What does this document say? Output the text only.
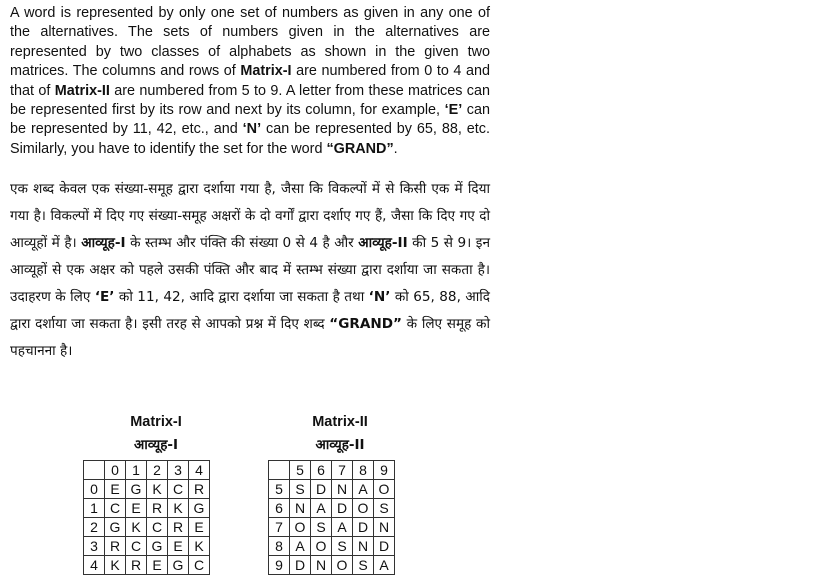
A word is represented by only one set of numbers as given in any one of the alternatives. The sets of numbers given in the alternatives are represented by two classes of alphabets as shown in the given two matrices. The columns and rows of Matrix-I are numbered from 0 to 4 and that of Matrix-II are numbered from 5 to 9. A letter from these matrices can be represented first by its row and next by its column, for example, ‘E’ can be represented by 11, 42, etc., and ‘N’ can be represented by 65, 88, etc. Similarly, you have to identify the set for the word “GRAND”.

एक शब्द केवल एक संख्या-समूह द्वारा दर्शाया गया है, जैसा कि विकल्पों में से किसी एक में दिया गया है। विकल्पों में दिए गए संख्या-समूह अक्षरों के दो वर्गों द्वारा दर्शाए गए हैं, जैसा कि दिए गए दो आव्यूहों में है। आव्यूह-I के स्तम्भ और पंक्ति की संख्या 0 से 4 है और आव्यूह-II की 5 से 9। इन आव्यूहों से एक अक्षर को पहले उसकी पंक्ति और बाद में स्तम्भ संख्या द्वारा दर्शाया जा सकता है। उदाहरण के लिए ‘E’ को 11, 42, आदि द्वारा दर्शाया जा सकता है तथा ‘N’ को 65, 88, आदि द्वारा दर्शाया जा सकता है। इसी तरह से आपको प्रश्न में दिए शब्द “GRAND” के लिए समूह को पहचानना है।

Matrix-I
आव्यूह-I
	0	1	2	3	4
0	E	G	K	C	R
1	C	E	R	K	G
2	G	K	C	R	E
3	R	C	G	E	K
4	K	R	E	G	C
Matrix-II
आव्यूह-II
	5	6	7	8	9
5	S	D	N	A	O
6	N	A	D	O	S
7	O	S	A	D	N
8	A	O	S	N	D
9	D	N	O	S	A
